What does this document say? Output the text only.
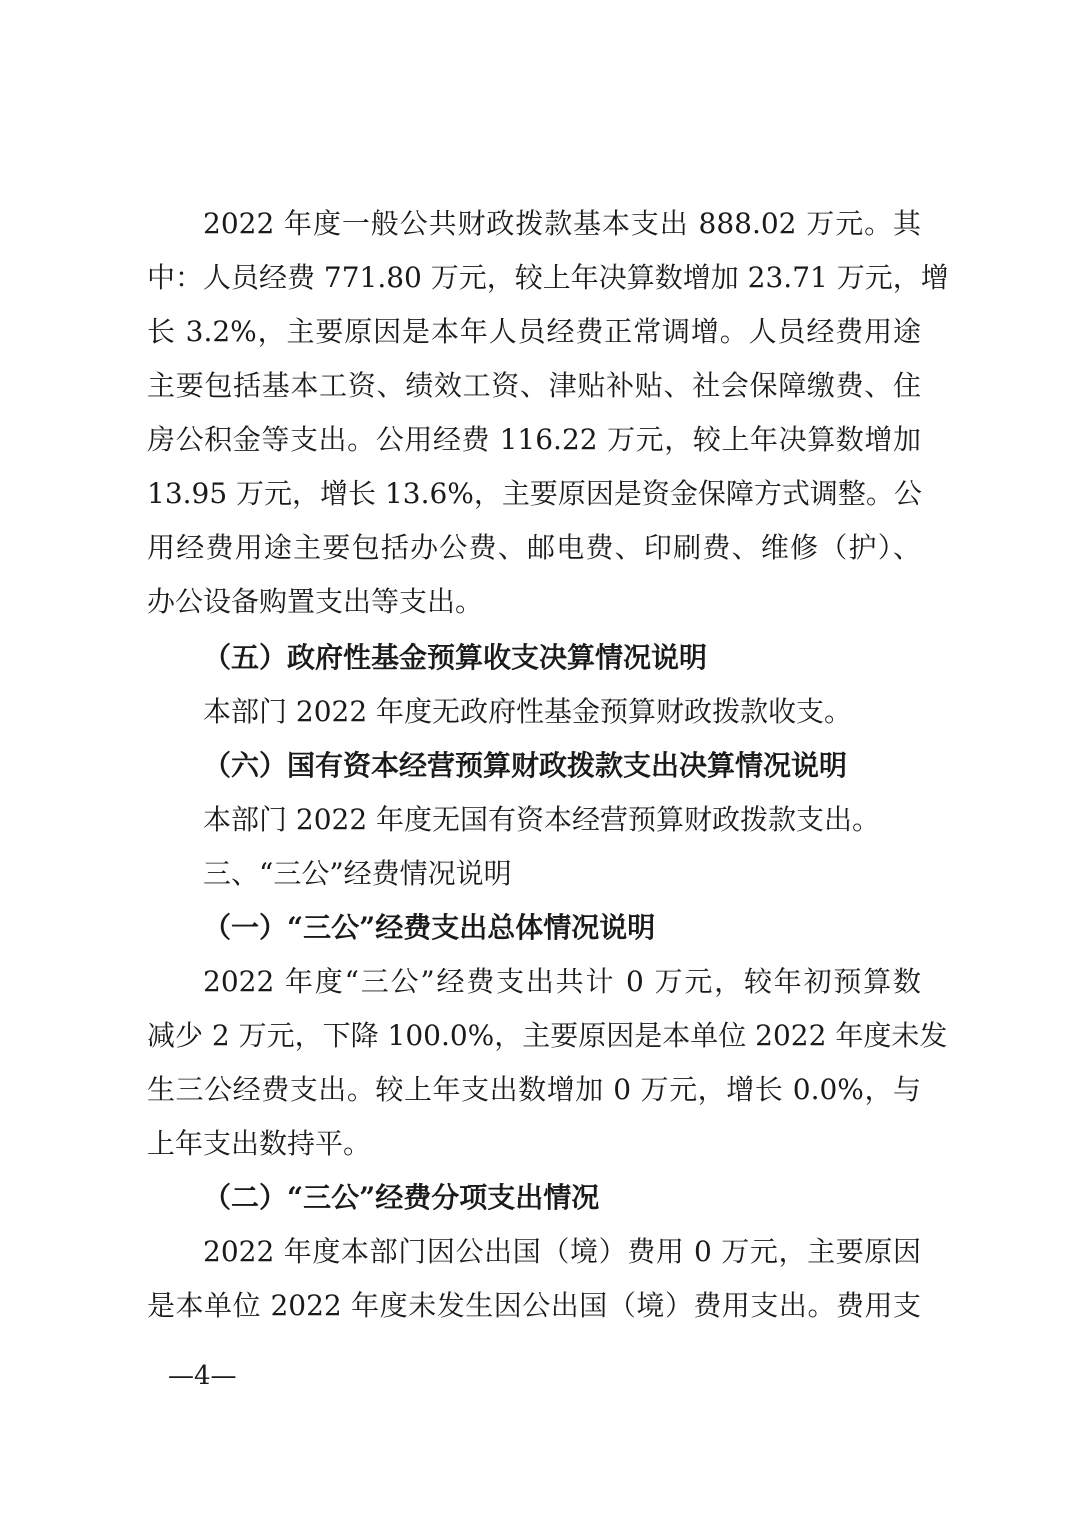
2022 年度一般公共财政拨款基本支出 888.02 万元。其
中：人员经费 771.80 万元，较上年决算数增加 23.71 万元，增
长 3.2%，主要原因是本年人员经费正常调增。人员经费用途
主要包括基本工资、绩效工资、津贴补贴、社会保障缴费、住
房公积金等支出。公用经费 116.22 万元，较上年决算数增加
13.95 万元，增长 13.6%，主要原因是资金保障方式调整。公
用经费用途主要包括办公费、邮电费、印刷费、维修（护）、
办公设备购置支出等支出。
（五）政府性基金预算收支决算情况说明
本部门 2022 年度无政府性基金预算财政拨款收支。
（六）国有资本经营预算财政拨款支出决算情况说明
本部门 2022 年度无国有资本经营预算财政拨款支出。
三、“三公”经费情况说明
（一）“三公”经费支出总体情况说明
2022 年度“三公”经费支出共计 0 万元，较年初预算数
减少 2 万元，下降 100.0%，主要原因是本单位 2022 年度未发
生三公经费支出。较上年支出数增加 0 万元，增长 0.0%，与
上年支出数持平。
（二）“三公”经费分项支出情况
2022 年度本部门因公出国（境）费用 0 万元，主要原因
是本单位 2022 年度未发生因公出国（境）费用支出。费用支
—4—
